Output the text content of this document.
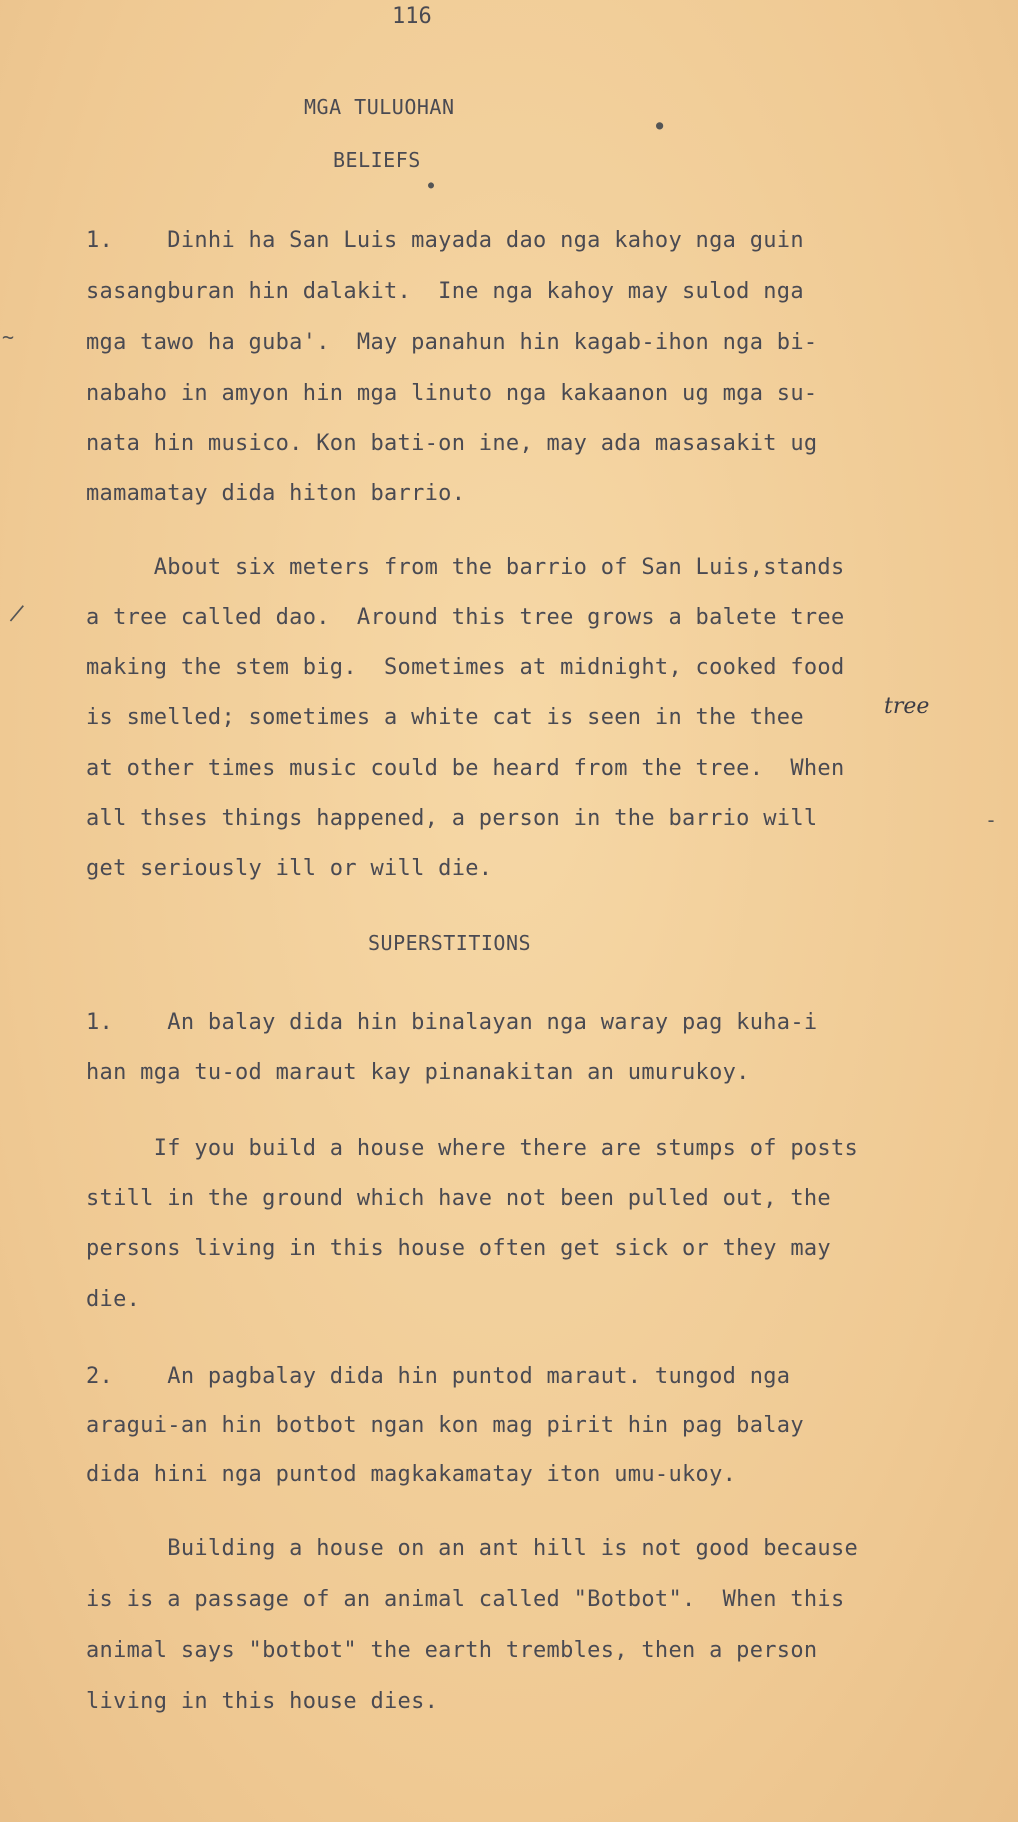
116
MGA TULUOHAN
BELIEFS
1.    Dinhi ha San Luis mayada dao nga kahoy nga guin
sasangburan hin dalakit.  Ine nga kahoy may sulod nga
mga tawo ha guba'.  May panahun hin kagab-ihon nga bi-
nabaho in amyon hin mga linuto nga kakaanon ug mga su-
nata hin musico. Kon bati-on ine, may ada masasakit ug
mamamatay dida hiton barrio.
About six meters from the barrio of San Luis,stands
a tree called dao.  Around this tree grows a balete tree
making the stem big.  Sometimes at midnight, cooked food
is smelled; sometimes a white cat is seen in the thee	tree
at other times music could be heard from the tree.  When
all thses things happened, a person in the barrio will
get seriously ill or will die.
SUPERSTITIONS
1.    An balay dida hin binalayan nga waray pag kuha-i
han mga tu-od maraut kay pinanakitan an umurukoy.
If you build a house where there are stumps of posts
still in the ground which have not been pulled out, the
persons living in this house often get sick or they may
die.
2.    An pagbalay dida hin puntod maraut. tungod nga
aragui-an hin botbot ngan kon mag pirit hin pag balay
dida hini nga puntod magkakamatay iton umu-ukoy.
Building a house on an ant hill is not good because
is is a passage of an animal called "Botbot".  When this
animal says "botbot" the earth trembles, then a person
living in this house dies.
~
|
-
●
●
